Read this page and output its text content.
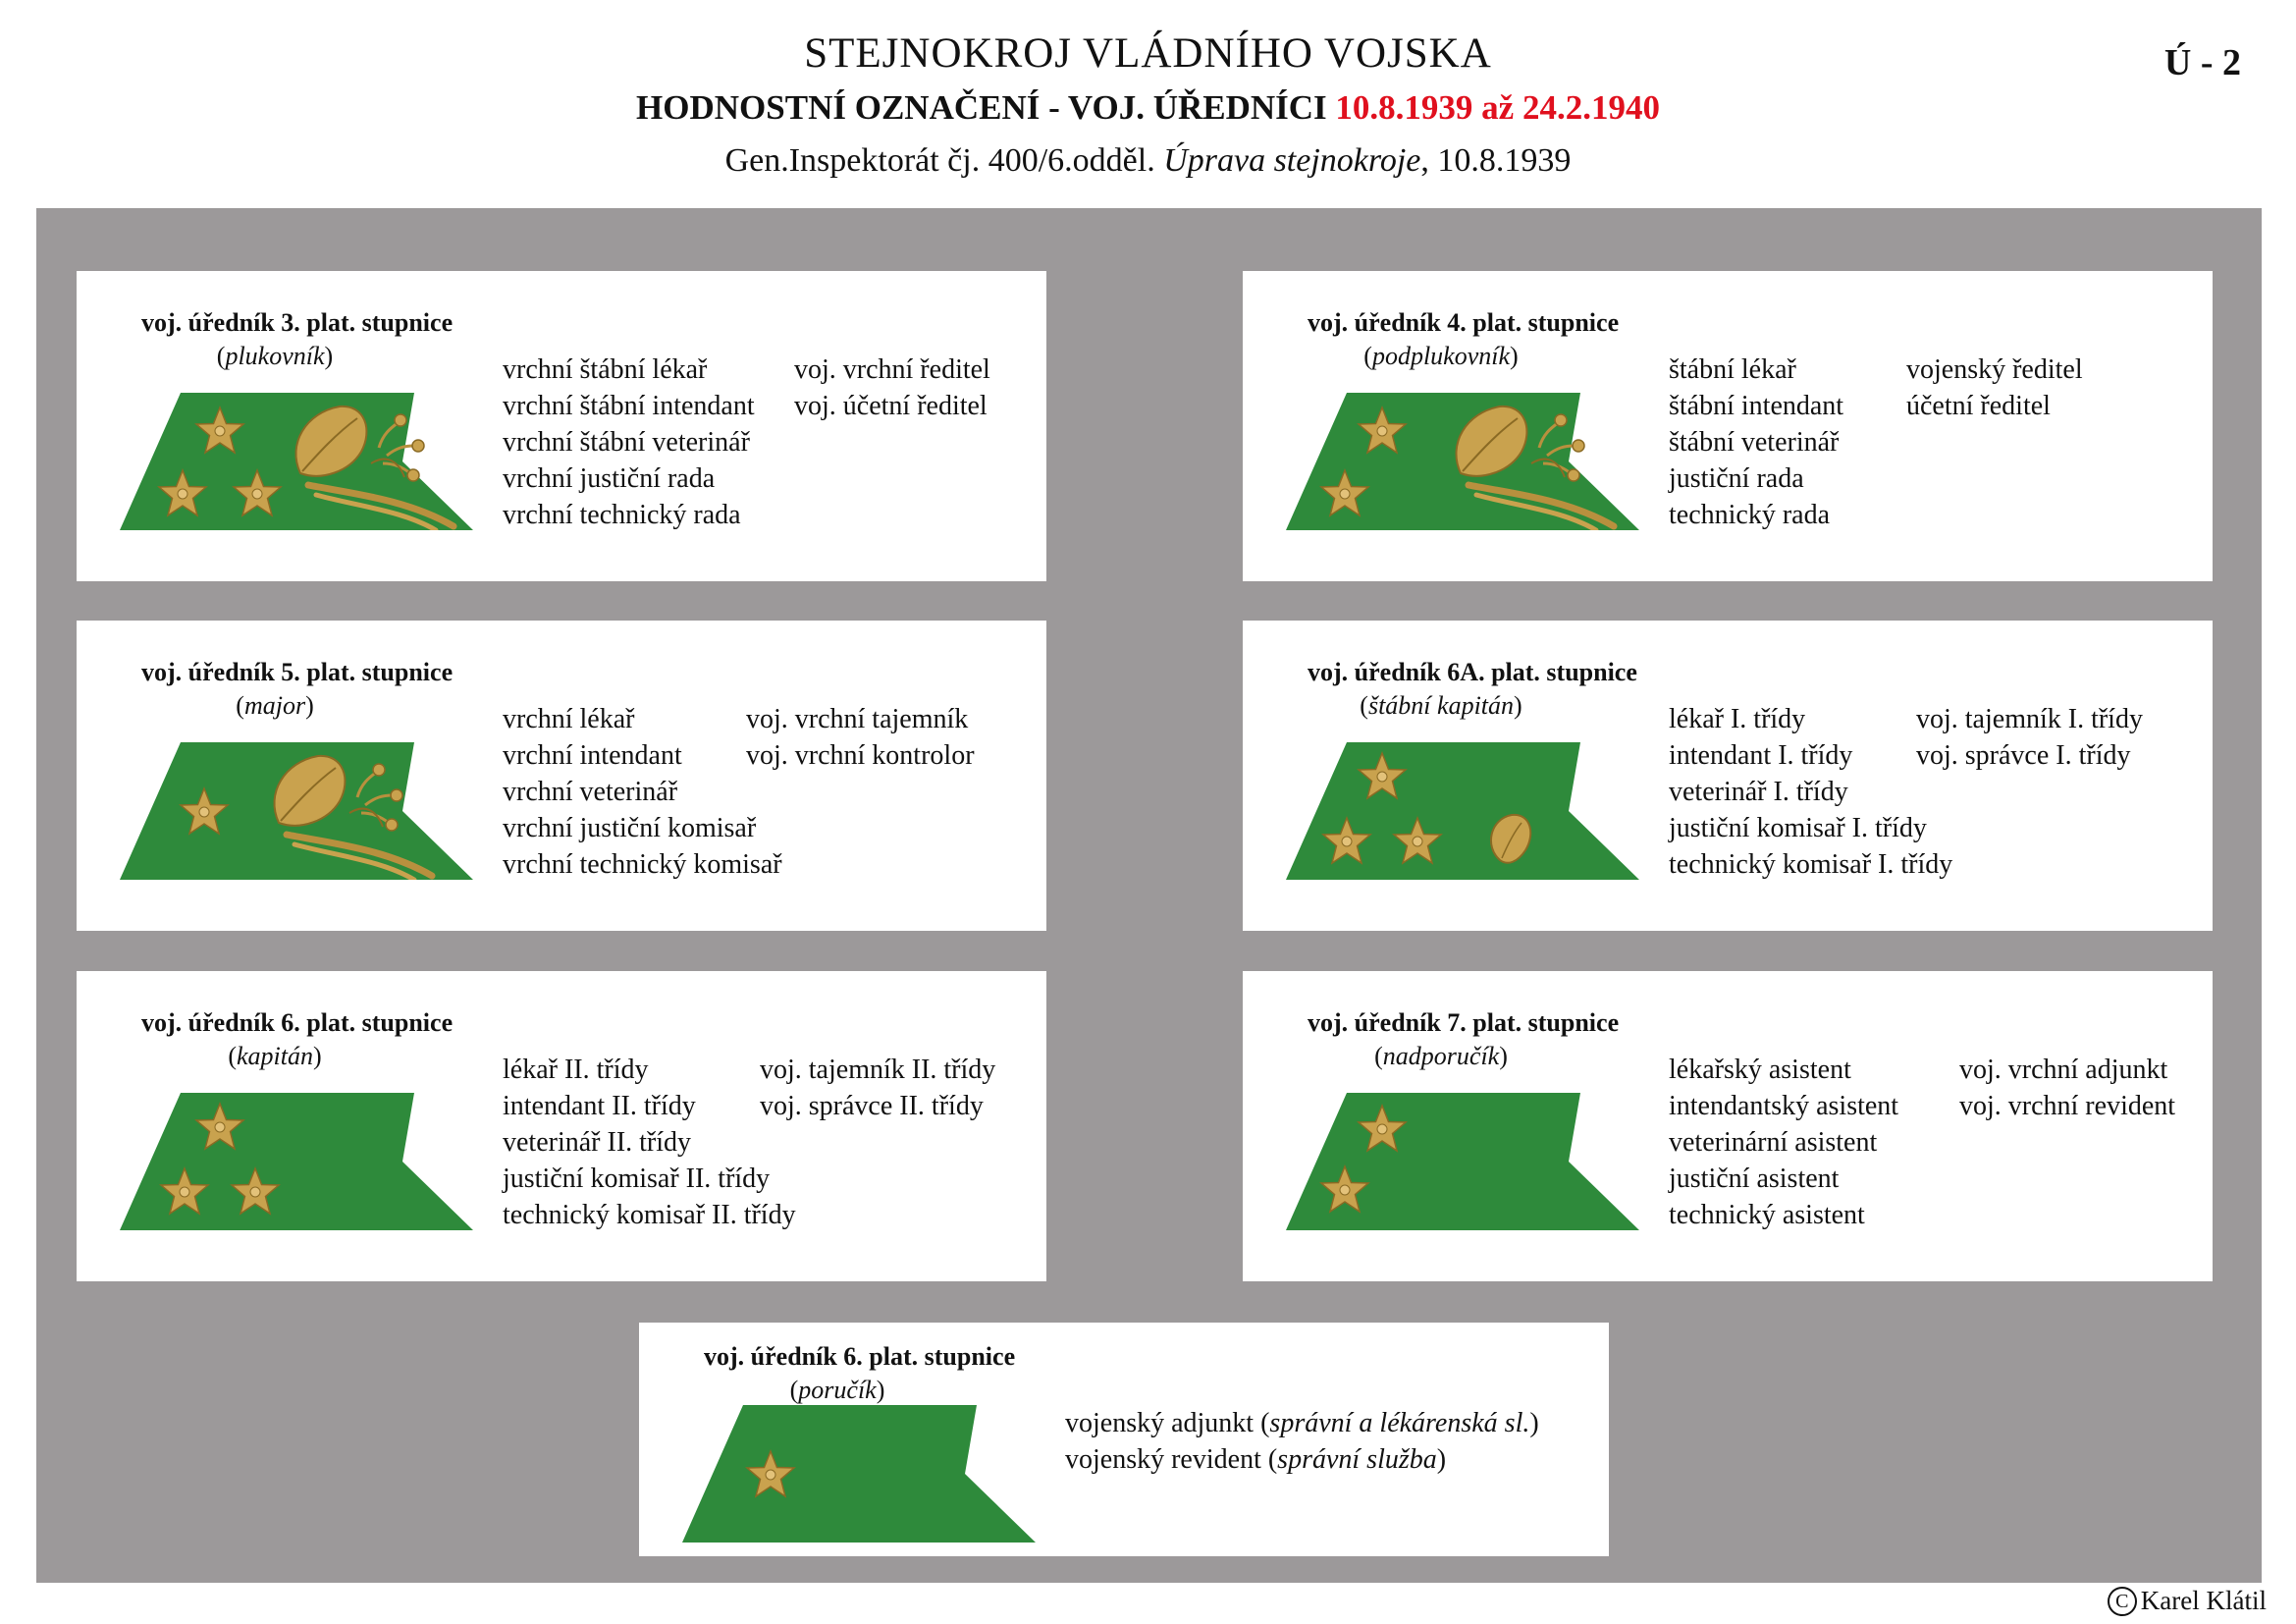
STEJNOKROJ VLÁDNÍHO VOJSKA
HODNOSTNÍ OZNAČENÍ - VOJ. ÚŘEDNÍCI 10.8.1939 až 24.2.1940
Gen.Inspektorát čj. 400/6.odděl. Úprava stejnokroje, 10.8.1939
Ú - 2
voj. úředník 3. plat. stupnice
(plukovník)	vrchní štábní lékař
vrchní štábní intendant
vrchní štábní veterinář
vrchní justiční rada
vrchní technický rada
voj. vrchní ředitel
voj. účetní ředitel
voj. úředník 4. plat. stupnice
(podplukovník)	štábní lékař
štábní intendant
štábní veterinář
justiční rada
technický rada
vojenský ředitel
účetní ředitel
voj. úředník 5. plat. stupnice
(major)	vrchní lékař
vrchní intendant
vrchní veterinář
vrchní justiční komisař
vrchní technický komisař
voj. vrchní tajemník
voj. vrchní kontrolor
voj. úředník 6A. plat. stupnice
(štábní kapitán)	lékař I. třídy
intendant I. třídy
veterinář I. třídy
justiční komisař I. třídy
technický komisař I. třídy
voj. tajemník I. třídy
voj. správce I. třídy
voj. úředník 6. plat. stupnice
(kapitán)	lékař II. třídy
intendant II. třídy
veterinář II. třídy
justiční komisař II. třídy
technický komisař II. třídy
voj. tajemník II. třídy
voj. správce II. třídy
voj. úředník 7. plat. stupnice
(nadporučík)	lékařský asistent
intendantský asistent
veterinární asistent
justiční asistent
technický asistent
voj. vrchní adjunkt
voj. vrchní revident
voj. úředník 6. plat. stupnice
(poručík)
vojenský adjunkt (správní a lékárenská sl.)
vojenský revident (správní služba)
C Karel Klátil
